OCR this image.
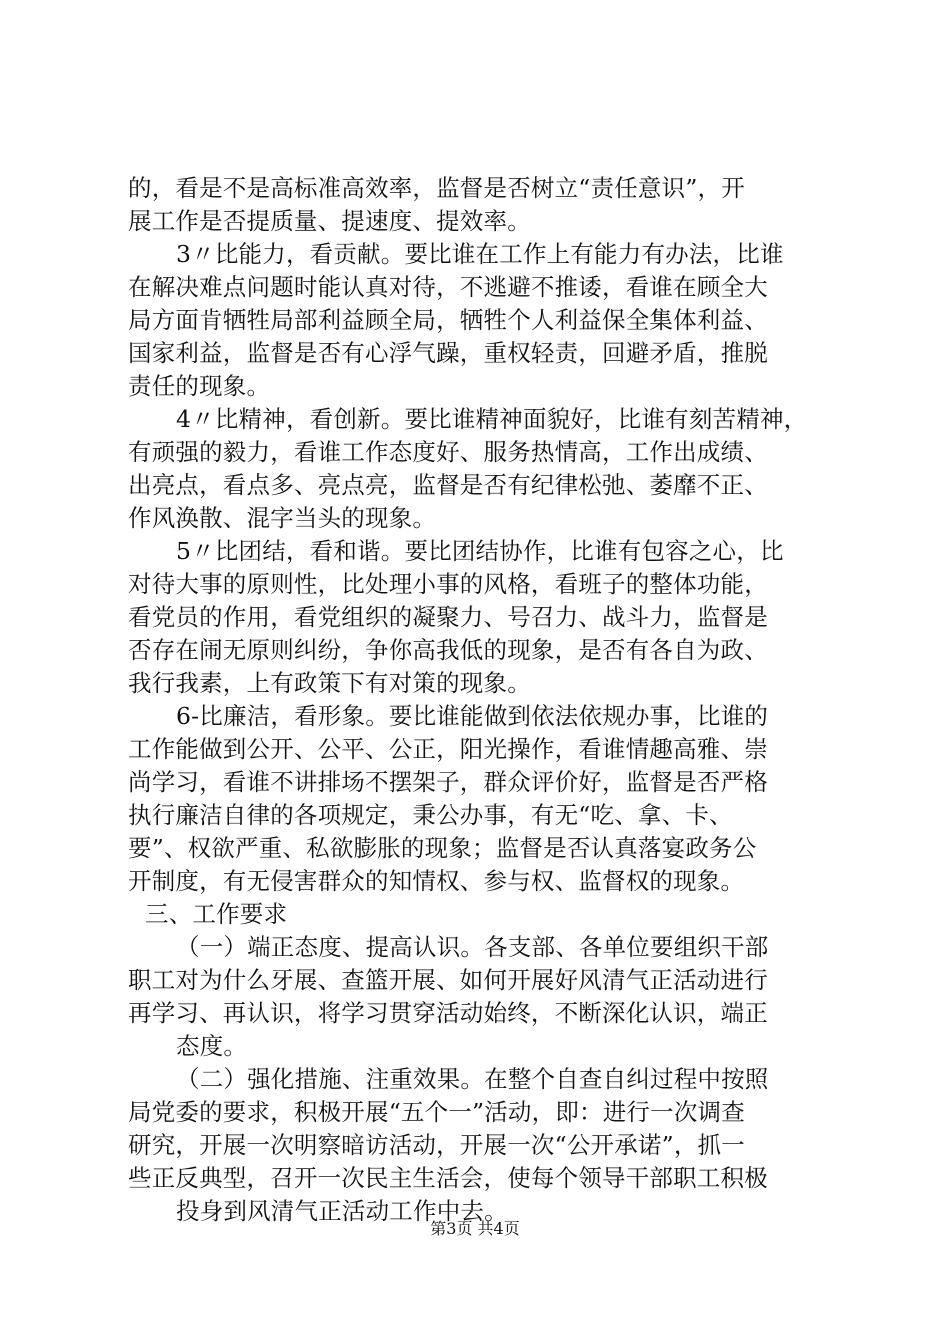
的，看是不是高标准高效率，监督是否树立“责任意识”，开
展工作是否提质量、提速度、提效率。
3〃比能力，看贡献。要比谁在工作上有能力有办法，比谁
在解决难点问题时能认真对待，不逃避不推诿，看谁在顾全大
局方面肯牺牲局部利益顾全局，牺牲个人利益保全集体利益、
国家利益，监督是否有心浮气躁，重权轻责，回避矛盾，推脱
责任的现象。
4〃比精神，看创新。要比谁精神面貌好，比谁有刻苦精神，
有顽强的毅力，看谁工作态度好、服务热情高，工作出成绩、
出亮点，看点多、亮点亮，监督是否有纪律松弛、萎靡不正、
作风涣散、混字当头的现象。
5〃比团结，看和谐。要比团结协作，比谁有包容之心，比
对待大事的原则性，比处理小事的风格，看班子的整体功能，
看党员的作用，看党组织的凝聚力、号召力、战斗力，监督是
否存在闹无原则纠纷，争你高我低的现象，是否有各自为政、
我行我素，上有政策下有对策的现象。
6-比廉洁，看形象。要比谁能做到依法依规办事，比谁的
工作能做到公开、公平、公正，阳光操作，看谁情趣高雅、崇
尚学习，看谁不讲排场不摆架子，群众评价好，监督是否严格
执行廉洁自律的各项规定，秉公办事，有无“吃、拿、卡、
要”、权欲严重、私欲膨胀的现象；监督是否认真落宴政务公
开制度，有无侵害群众的知情权、参与权、监督权的现象。
三、工作要求
（一）端正态度、提高认识。各支部、各单位要组织干部
职工对为什么牙展、查篮开展、如何开展好风清气正活动进行
再学习、再认识，将学习贯穿活动始终，不断深化认识，端正
态度。
（二）强化措施、注重效果。在整个自查自纠过程中按照
局党委的要求，积极开展“五个一”活动，即：进行一次调查
研究，开展一次明察暗访活动，开展一次“公开承诺”，抓一
些正反典型，召开一次民主生活会，使每个领导干部职工积极
投身到风清气正活动工作中去。
第3页 共4页
